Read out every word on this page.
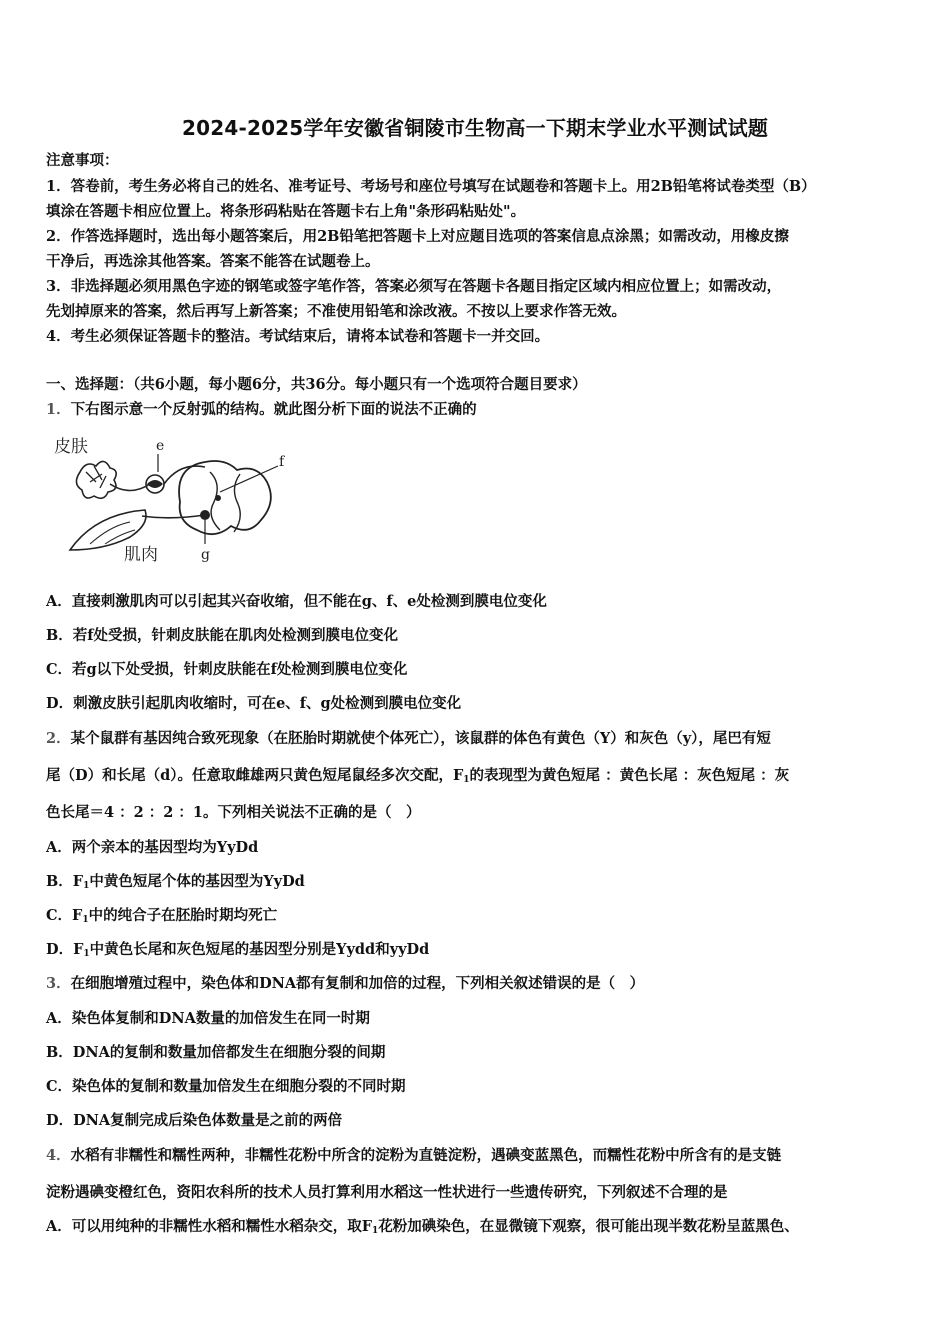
2024-2025学年安徽省铜陵市生物高一下期末学业水平测试试题
注意事项：
1．答卷前，考生务必将自己的姓名、准考证号、考场号和座位号填写在试题卷和答题卡上。用2B铅笔将试卷类型（B）
填涂在答题卡相应位置上。将条形码粘贴在答题卡右上角"条形码粘贴处"。
2．作答选择题时，选出每小题答案后，用2B铅笔把答题卡上对应题目选项的答案信息点涂黑；如需改动，用橡皮擦
干净后，再选涂其他答案。答案不能答在试题卷上。
3．非选择题必须用黑色字迹的钢笔或签字笔作答，答案必须写在答题卡各题目指定区域内相应位置上；如需改动，
先划掉原来的答案，然后再写上新答案；不准使用铅笔和涂改液。不按以上要求作答无效。
4．考生必须保证答题卡的整洁。考试结束后，请将本试卷和答题卡一并交回。
一、选择题：（共6小题，每小题6分，共36分。每小题只有一个选项符合题目要求）
1．下右图示意一个反射弧的结构。就此图分析下面的说法不正确的
皮肤	e
f
g
肌肉
A．直接刺激肌肉可以引起其兴奋收缩，但不能在g、f、e处检测到膜电位变化
B．若f处受损，针刺皮肤能在肌肉处检测到膜电位变化
C．若g以下处受损，针刺皮肤能在f处检测到膜电位变化
D．刺激皮肤引起肌肉收缩时，可在e、f、g处检测到膜电位变化
2．某个鼠群有基因纯合致死现象（在胚胎时期就使个体死亡），该鼠群的体色有黄色（Y）和灰色（y），尾巴有短
尾（D）和长尾（d）。任意取雌雄两只黄色短尾鼠经多次交配，$F_1$的表现型为黄色短尾 ：黄色长尾 ：灰色短尾 ：灰
色长尾＝4 ：2 ：2 ：1。下列相关说法不正确的是（　）
A．两个亲本的基因型均为YyDd
B．$F_1$中黄色短尾个体的基因型为YyDd
C．$F_1$中的纯合子在胚胎时期均死亡
D．$F_1$中黄色长尾和灰色短尾的基因型分别是Yydd和yyDd
3．在细胞增殖过程中，染色体和DNA都有复制和加倍的过程，下列相关叙述错误的是（　）
A．染色体复制和DNA数量的加倍发生在同一时期
B．DNA的复制和数量加倍都发生在细胞分裂的间期
C．染色体的复制和数量加倍发生在细胞分裂的不同时期
D．DNA复制完成后染色体数量是之前的两倍
4．水稻有非糯性和糯性两种，非糯性花粉中所含的淀粉为直链淀粉，遇碘变蓝黑色，而糯性花粉中所含有的是支链
淀粉遇碘变橙红色，资阳农科所的技术人员打算利用水稻这一性状进行一些遗传研究，下列叙述不合理的是
A．可以用纯种的非糯性水稻和糯性水稻杂交，取$F_1$花粉加碘染色，在显微镜下观察，很可能出现半数花粉呈蓝黑色、
